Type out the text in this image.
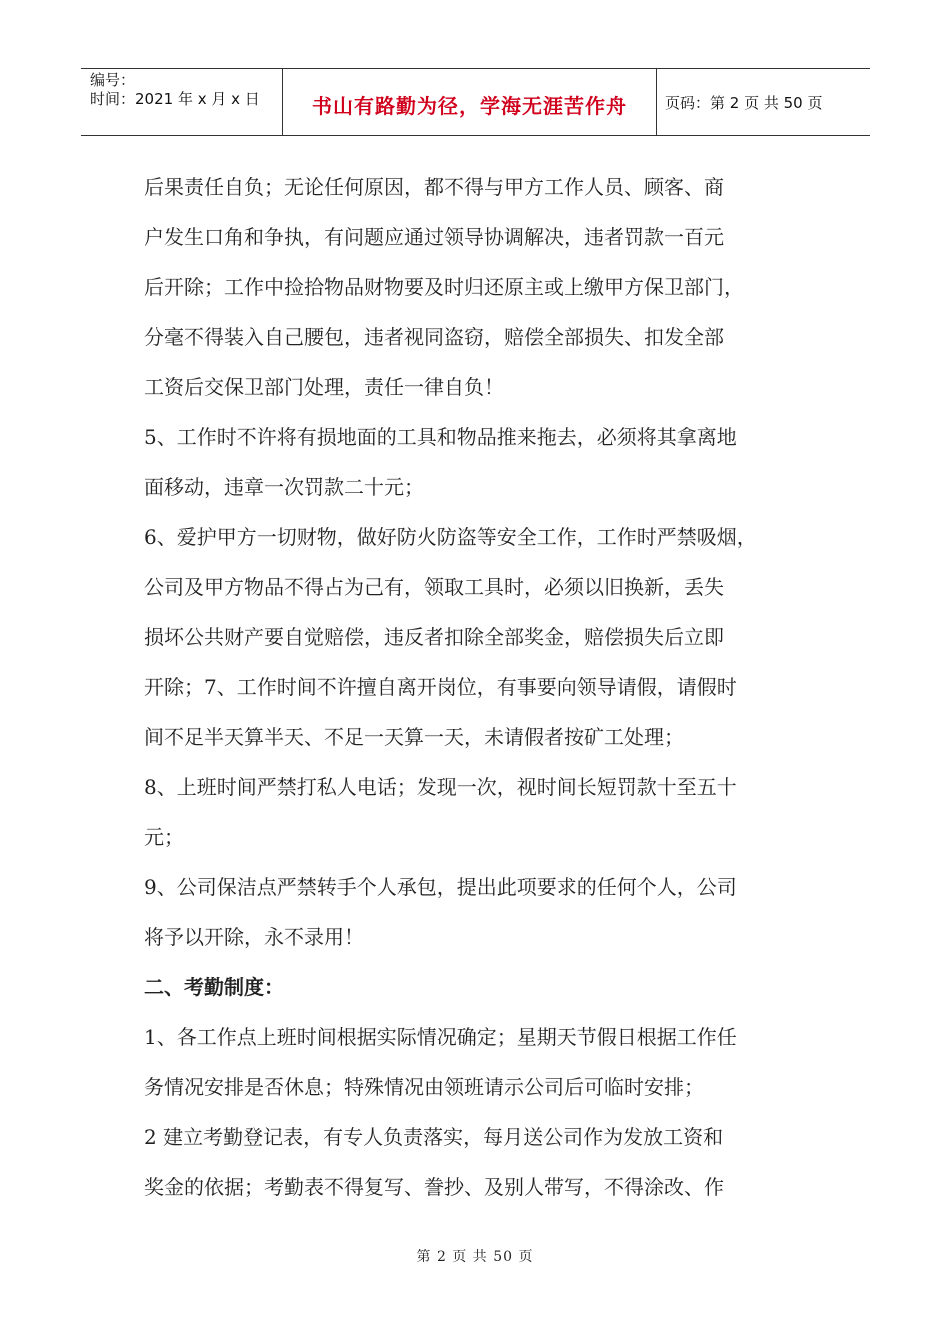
编号：
时间：2021 年 x 月 x 日	书山有路勤为径，学海无涯苦作舟	页码：第 2 页 共 50 页

后果责任自负；无论任何原因，都不得与甲方工作人员、顾客、商

户发生口角和争执，有问题应通过领导协调解决，违者罚款一百元

后开除；工作中捡拾物品财物要及时归还原主或上缴甲方保卫部门，

分毫不得装入自己腰包，违者视同盗窃，赔偿全部损失、扣发全部

工资后交保卫部门处理，责任一律自负！

5、工作时不许将有损地面的工具和物品推来拖去，必须将其拿离地

面移动，违章一次罚款二十元；

6、爱护甲方一切财物，做好防火防盗等安全工作，工作时严禁吸烟，

公司及甲方物品不得占为己有，领取工具时，必须以旧换新，丢失

损坏公共财产要自觉赔偿，违反者扣除全部奖金，赔偿损失后立即

开除；7、工作时间不许擅自离开岗位，有事要向领导请假，请假时

间不足半天算半天、不足一天算一天，未请假者按矿工处理；

8、上班时间严禁打私人电话；发现一次，视时间长短罚款十至五十

元；

9、公司保洁点严禁转手个人承包，提出此项要求的任何个人，公司

将予以开除，永不录用！

二、考勤制度：

1、各工作点上班时间根据实际情况确定；星期天节假日根据工作任

务情况安排是否休息；特殊情况由领班请示公司后可临时安排；

2 建立考勤登记表，有专人负责落实，每月送公司作为发放工资和

奖金的依据；考勤表不得复写、誊抄、及别人带写，不得涂改、作

第 2 页 共 50 页
